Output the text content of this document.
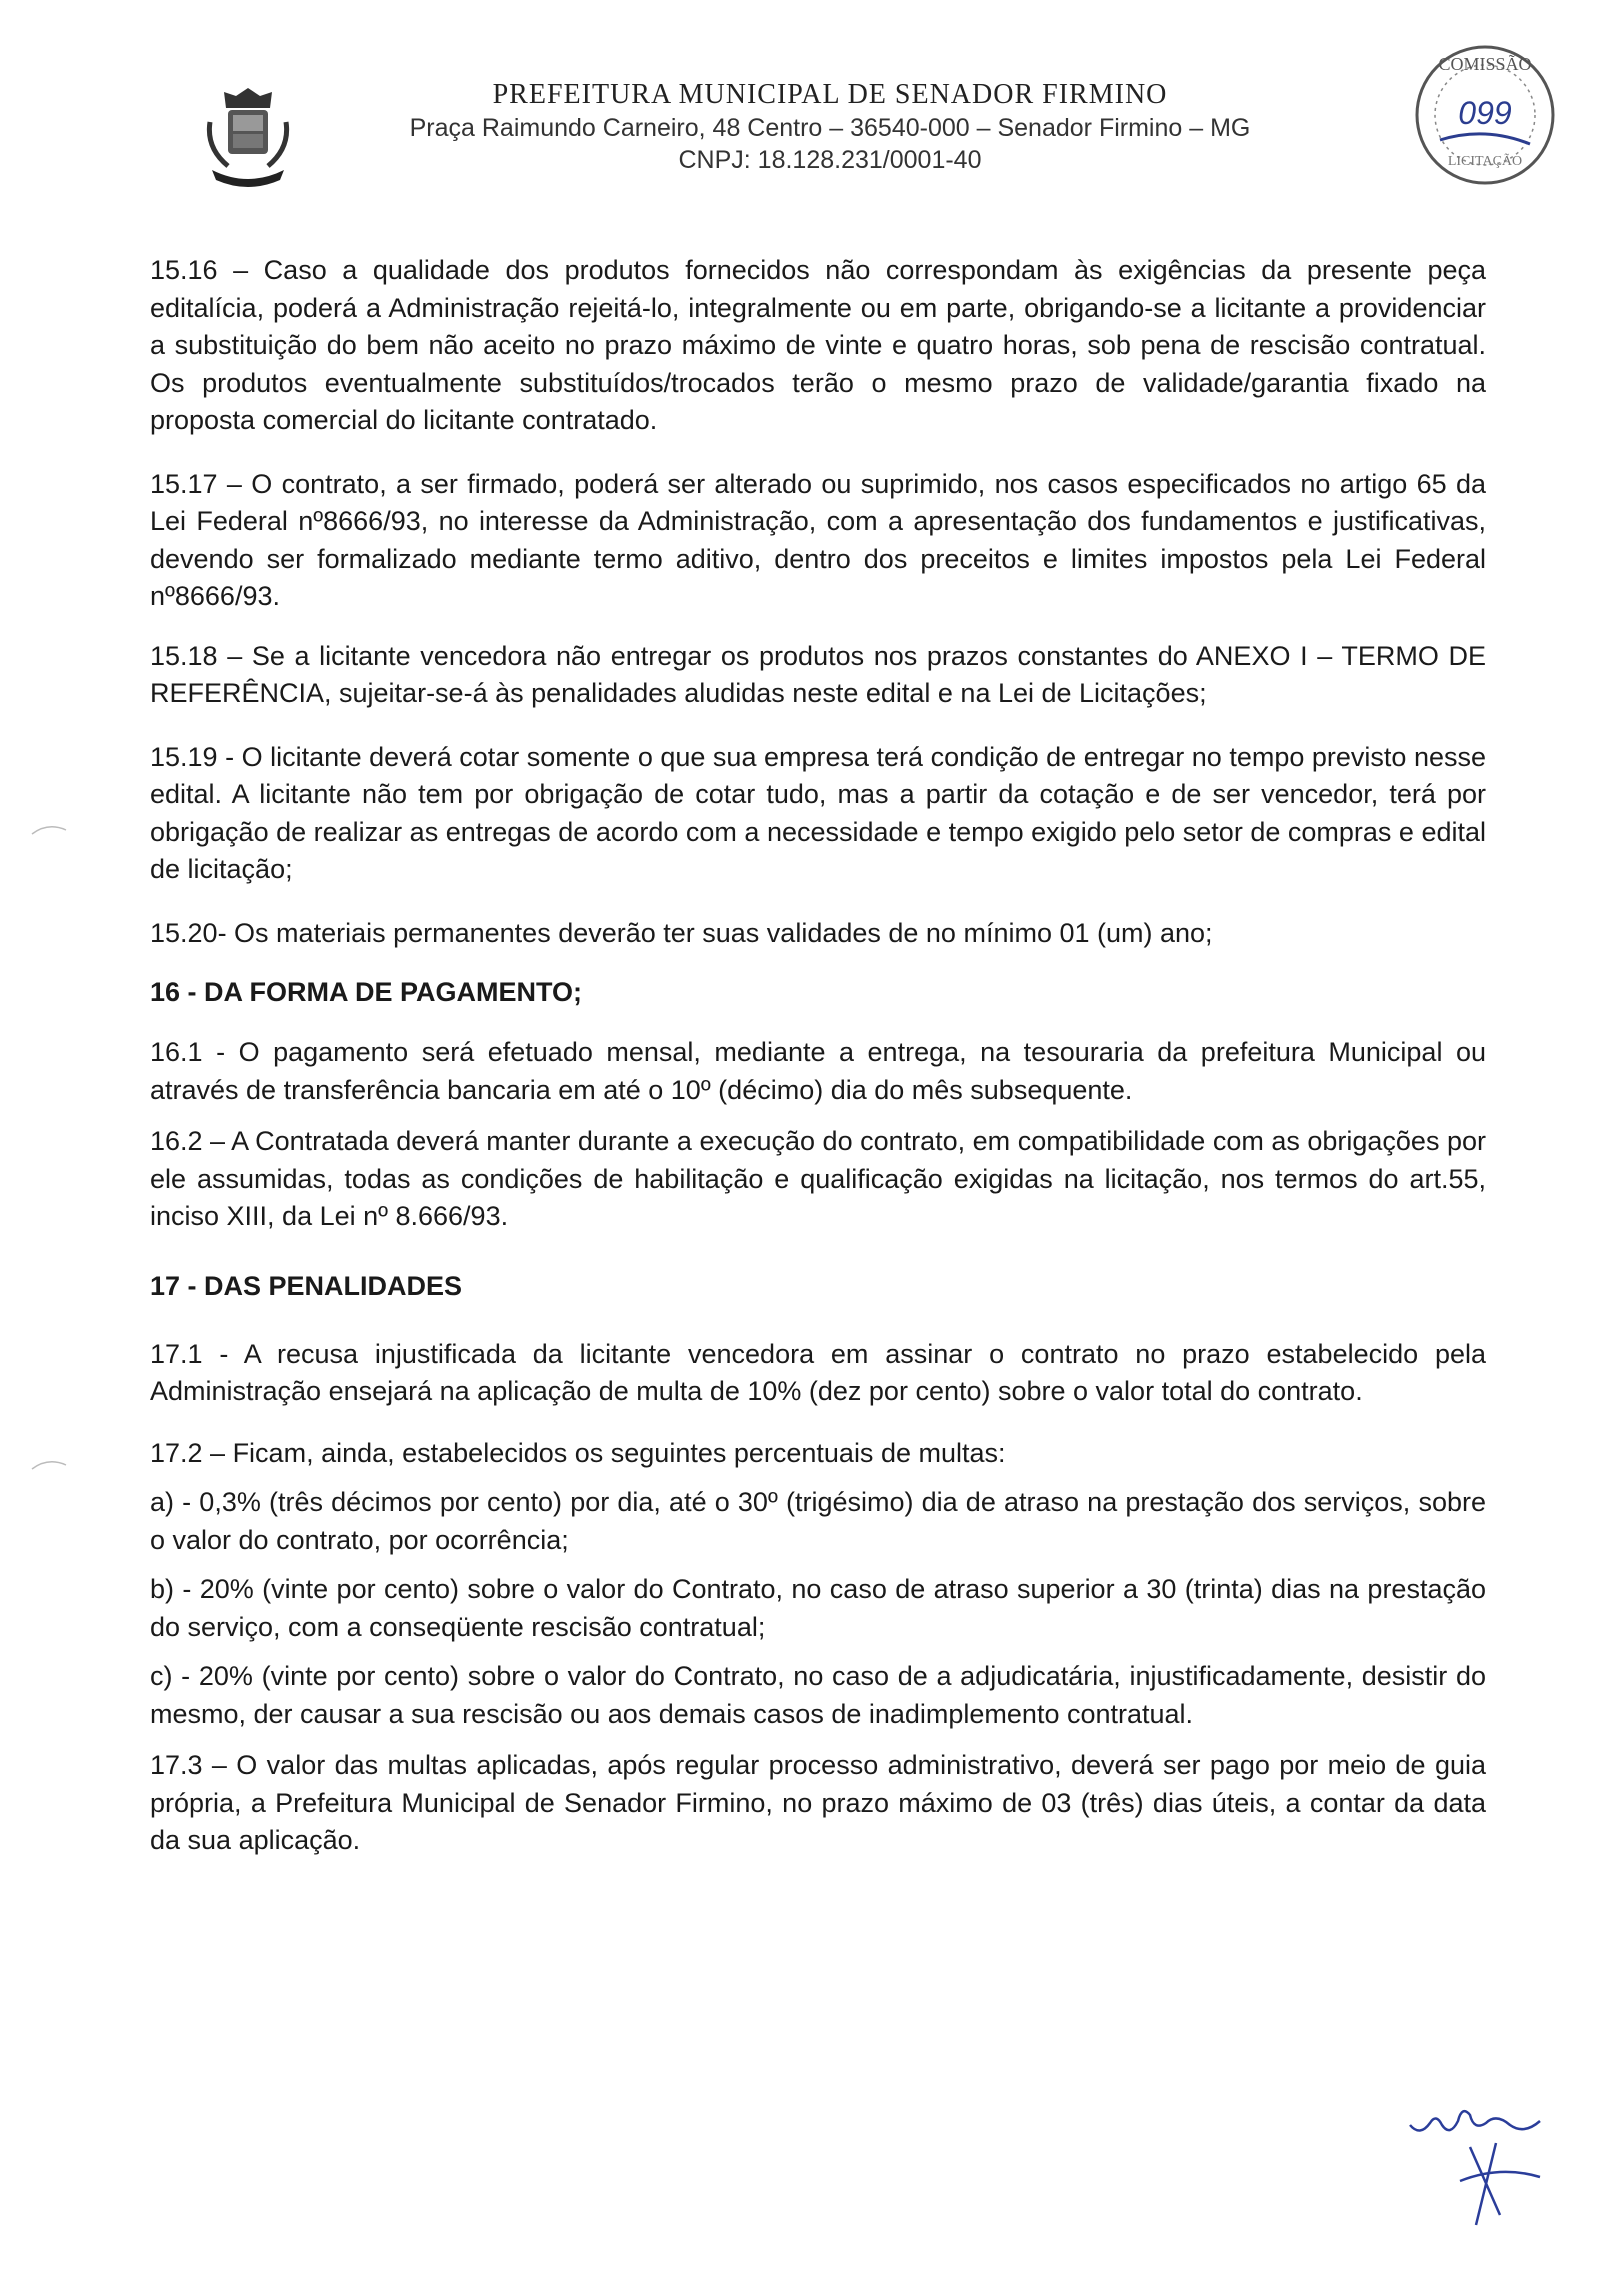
PREFEITURA MUNICIPAL DE SENADOR FIRMINO
Praça Raimundo Carneiro, 48 Centro – 36540-000 – Senador Firmino – MG
CNPJ: 18.128.231/0001-40
COMISSÃO
099
LICITAÇÃO

15.16 – Caso a qualidade dos produtos fornecidos não correspondam às exigências da presente peça editalícia, poderá a Administração rejeitá-lo, integralmente ou em parte, obrigando-se a licitante a providenciar a substituição do bem não aceito no prazo máximo de vinte e quatro horas, sob pena de rescisão contratual. Os produtos eventualmente substituídos/trocados terão o mesmo prazo de validade/garantia fixado na proposta comercial do licitante contratado.

15.17 – O contrato, a ser firmado, poderá ser alterado ou suprimido, nos casos especificados no artigo 65 da Lei Federal nº8666/93, no interesse da Administração, com a apresentação dos fundamentos e justificativas, devendo ser formalizado mediante termo aditivo, dentro dos preceitos e limites impostos pela Lei Federal nº8666/93.

15.18 – Se a licitante vencedora não entregar os produtos nos prazos constantes do ANEXO I – TERMO DE REFERÊNCIA, sujeitar-se-á às penalidades aludidas neste edital e na Lei de Licitações;

15.19 - O licitante deverá cotar somente o que sua empresa terá condição de entregar no tempo previsto nesse edital. A licitante não tem por obrigação de cotar tudo, mas a partir da cotação e de ser vencedor, terá por obrigação de realizar as entregas de acordo com a necessidade e tempo exigido pelo setor de compras e edital de licitação;

15.20- Os materiais permanentes deverão ter suas validades de no mínimo 01 (um) ano;

16 - DA FORMA DE PAGAMENTO;

16.1 - O pagamento será efetuado mensal, mediante a entrega, na tesouraria da prefeitura Municipal ou através de transferência bancaria em até o 10º (décimo) dia do mês subsequente.

16.2 – A Contratada deverá manter durante a execução do contrato, em compatibilidade com as obrigações por ele assumidas, todas as condições de habilitação e qualificação exigidas na licitação, nos termos do art.55, inciso XIII, da Lei nº 8.666/93.

17 - DAS PENALIDADES

17.1 - A recusa injustificada da licitante vencedora em assinar o contrato no prazo estabelecido pela Administração ensejará na aplicação de multa de 10% (dez por cento) sobre o valor total do contrato.

17.2 – Ficam, ainda, estabelecidos os seguintes percentuais de multas:

a) - 0,3% (três décimos por cento) por dia, até o 30º (trigésimo) dia de atraso na prestação dos serviços, sobre o valor do contrato, por ocorrência;

b) - 20% (vinte por cento) sobre o valor do Contrato, no caso de atraso superior a 30 (trinta) dias na prestação do serviço, com a conseqüente rescisão contratual;

c) - 20% (vinte por cento) sobre o valor do Contrato, no caso de a adjudicatária, injustificadamente, desistir do mesmo, der causar a sua rescisão ou aos demais casos de inadimplemento contratual.

17.3 – O valor das multas aplicadas, após regular processo administrativo, deverá ser pago por meio de guia própria, a Prefeitura Municipal de Senador Firmino, no prazo máximo de 03 (três) dias úteis, a contar da data da sua aplicação.
